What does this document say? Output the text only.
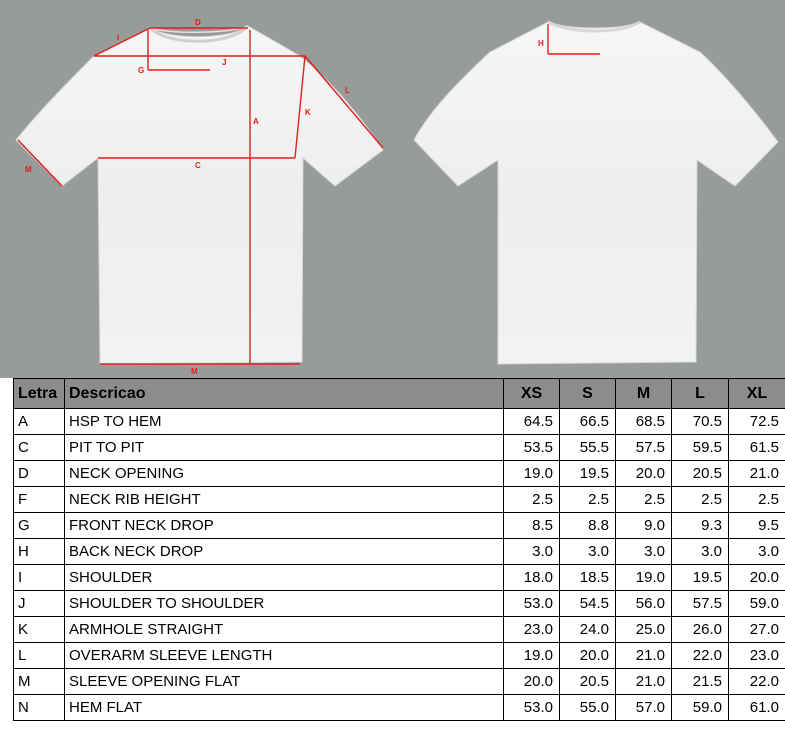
D
I
G
J
L
K
A
C
M
M
H
Letra	Descricao	XS	S	M	L	XL
A	HSP TO HEM	64.5	66.5	68.5	70.5	72.5
C	PIT TO PIT	53.5	55.5	57.5	59.5	61.5
D	NECK OPENING	19.0	19.5	20.0	20.5	21.0
F	NECK RIB HEIGHT	2.5	2.5	2.5	2.5	2.5
G	FRONT NECK DROP	8.5	8.8	9.0	9.3	9.5
H	BACK NECK DROP	3.0	3.0	3.0	3.0	3.0
I	SHOULDER	18.0	18.5	19.0	19.5	20.0
J	SHOULDER TO SHOULDER	53.0	54.5	56.0	57.5	59.0
K	ARMHOLE STRAIGHT	23.0	24.0	25.0	26.0	27.0
L	OVERARM SLEEVE LENGTH	19.0	20.0	21.0	22.0	23.0
M	SLEEVE OPENING FLAT	20.0	20.5	21.0	21.5	22.0
N	HEM FLAT	53.0	55.0	57.0	59.0	61.0
